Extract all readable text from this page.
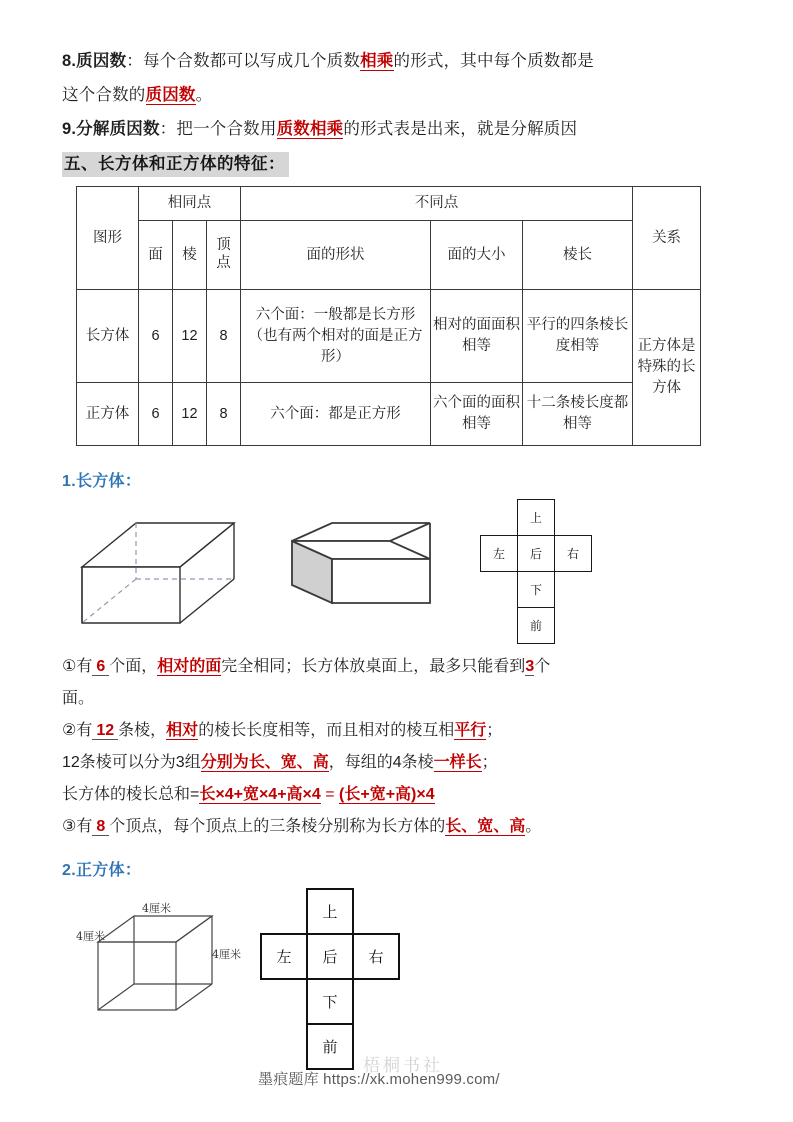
8.质因数：每个合数都可以写成几个质数相乘的形式，其中每个质数都是
这个合数的质因数。
9.分解质因数：把一个合数用质数相乘的形式表是出来，就是分解质因
五、长方体和正方体的特征：
图形	相同点			不同点			关系
	面	棱	顶点	面的形状	面的大小	棱长	
长方体	6	12	8	六个面：一般都是长方形（也有两个相对的面是正方形）	相对的面面积相等	平行的四条棱长度相等	正方体是特殊的长方体
正方体	6	12	8	六个面：都是正方形	六个面的面积相等	十二条棱长度都相等	
1.长方体：
	上	
左	后	右
	下	
	前	
①有 6 个面，相对的面完全相同；长方体放桌面上，最多只能看到3个
面。
②有 12 条棱，相对的棱长长度相等，而且相对的棱互相平行；
12条棱可以分为3组分别为长、宽、高，每组的4条棱一样长；
长方体的棱长总和=长×4+宽×4+高×4 = (长+宽+高)×4
③有 8 个顶点，每个顶点上的三条棱分别称为长方体的长、宽、高。
2.正方体：
4厘米
4厘米
4厘米
	上	
左	后	右
	下	
	前	
梧桐书社
墨痕题库 https://xk.mohen999.com/
